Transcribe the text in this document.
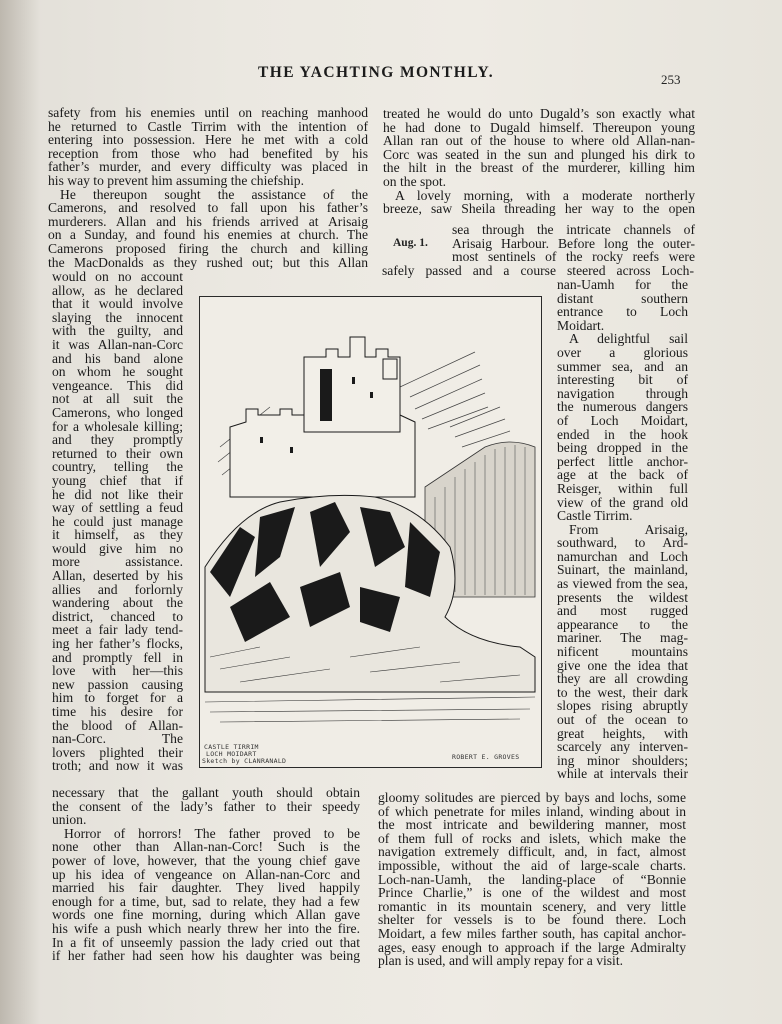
THE YACHTING MONTHLY.	253
safety from his enemies until on reaching manhood
he returned to Castle Tirrim with the intention of
entering into possession. Here he met with a cold
reception from those who had benefited by his
father’s murder, and every difficulty was placed in
his way to prevent him assuming the chiefship.
He thereupon sought the assistance of the
Camerons, and resolved to fall upon his father’s
murderers. Allan and his friends arrived at Arisaig
on a Sunday, and found his enemies at church. The
Camerons proposed firing the church and killing
the MacDonalds as they rushed out; but this Allan
would on no account
allow, as he declared
that it would involve
slaying the innocent
with the guilty, and
it was Allan-nan-Corc
and his band alone
on whom he sought
vengeance. This did
not at all suit the
Camerons, who longed
for a wholesale killing;
and they promptly
returned to their own
country, telling the
young chief that if
he did not like their
way of settling a feud
he could just manage
it himself, as they
would give him no
more assistance.
Allan, deserted by his
allies and forlornly
wandering about the
district, chanced to
meet a fair lady tend-
ing her father’s flocks,
and promptly fell in
love with her—this
new passion causing
him to forget for a
time his desire for
the blood of Allan-
nan-Corc. The
lovers plighted their
troth; and now it was
necessary that the gallant youth should obtain
the consent of the lady’s father to their speedy
union.
Horror of horrors! The father proved to be
none other than Allan-nan-Corc! Such is the
power of love, however, that the young chief gave
up his idea of vengeance on Allan-nan-Corc and
married his fair daughter. They lived happily
enough for a time, but, sad to relate, they had a few
words one fine morning, during which Allan gave
his wife a push which nearly threw her into the fire.
In a fit of unseemly passion the lady cried out that
if her father had seen how his daughter was being
treated he would do unto Dugald’s son exactly what
he had done to Dugald himself. Thereupon young
Allan ran out of the house to where old Allan-nan-
Corc was seated in the sun and plunged his dirk to
the hilt in the breast of the murderer, killing him
on the spot.
A lovely morning, with a moderate northerly
breeze, saw Sheila threading her way to the open
Aug. 1.
sea through the intricate channels of
Arisaig Harbour. Before long the outer-
most sentinels of the rocky reefs were
safely passed and a course steered across Loch-
nan-Uamh for the
distant southern
entrance to Loch
Moidart.
A delightful sail
over a glorious
summer sea, and an
interesting bit of
navigation through
the numerous dangers
of Loch Moidart,
ended in the hook
being dropped in the
perfect little anchor-
age at the back of
Reisger, within full
view of the grand old
Castle Tirrim.
From Arisaig,
southward, to Ard-
namurchan and Loch
Suinart, the mainland,
as viewed from the sea,
presents the wildest
and most rugged
appearance to the
mariner. The mag-
nificent mountains
give one the idea that
they are all crowding
to the west, their dark
slopes rising abruptly
out of the ocean to
great heights, with
scarcely any interven-
ing minor shoulders;
while at intervals their
gloomy solitudes are pierced by bays and lochs, some
of which penetrate for miles inland, winding about in
the most intricate and bewildering manner, most
of them full of rocks and islets, which make the
navigation extremely difficult, and, in fact, almost
impossible, without the aid of large-scale charts.
Loch-nan-Uamh, the landing-place of “Bonnie
Prince Charlie,” is one of the wildest and most
romantic in its mountain scenery, and very little
shelter for vessels is to be found there. Loch
Moidart, a few miles farther south, has capital anchor-
ages, easy enough to approach if the large Admiralty
plan is used, and will amply repay for a visit.
CASTLE TIRRIM
LOCH MOIDART
Sketch by CLANRANALD	ROBERT E. GROVES
